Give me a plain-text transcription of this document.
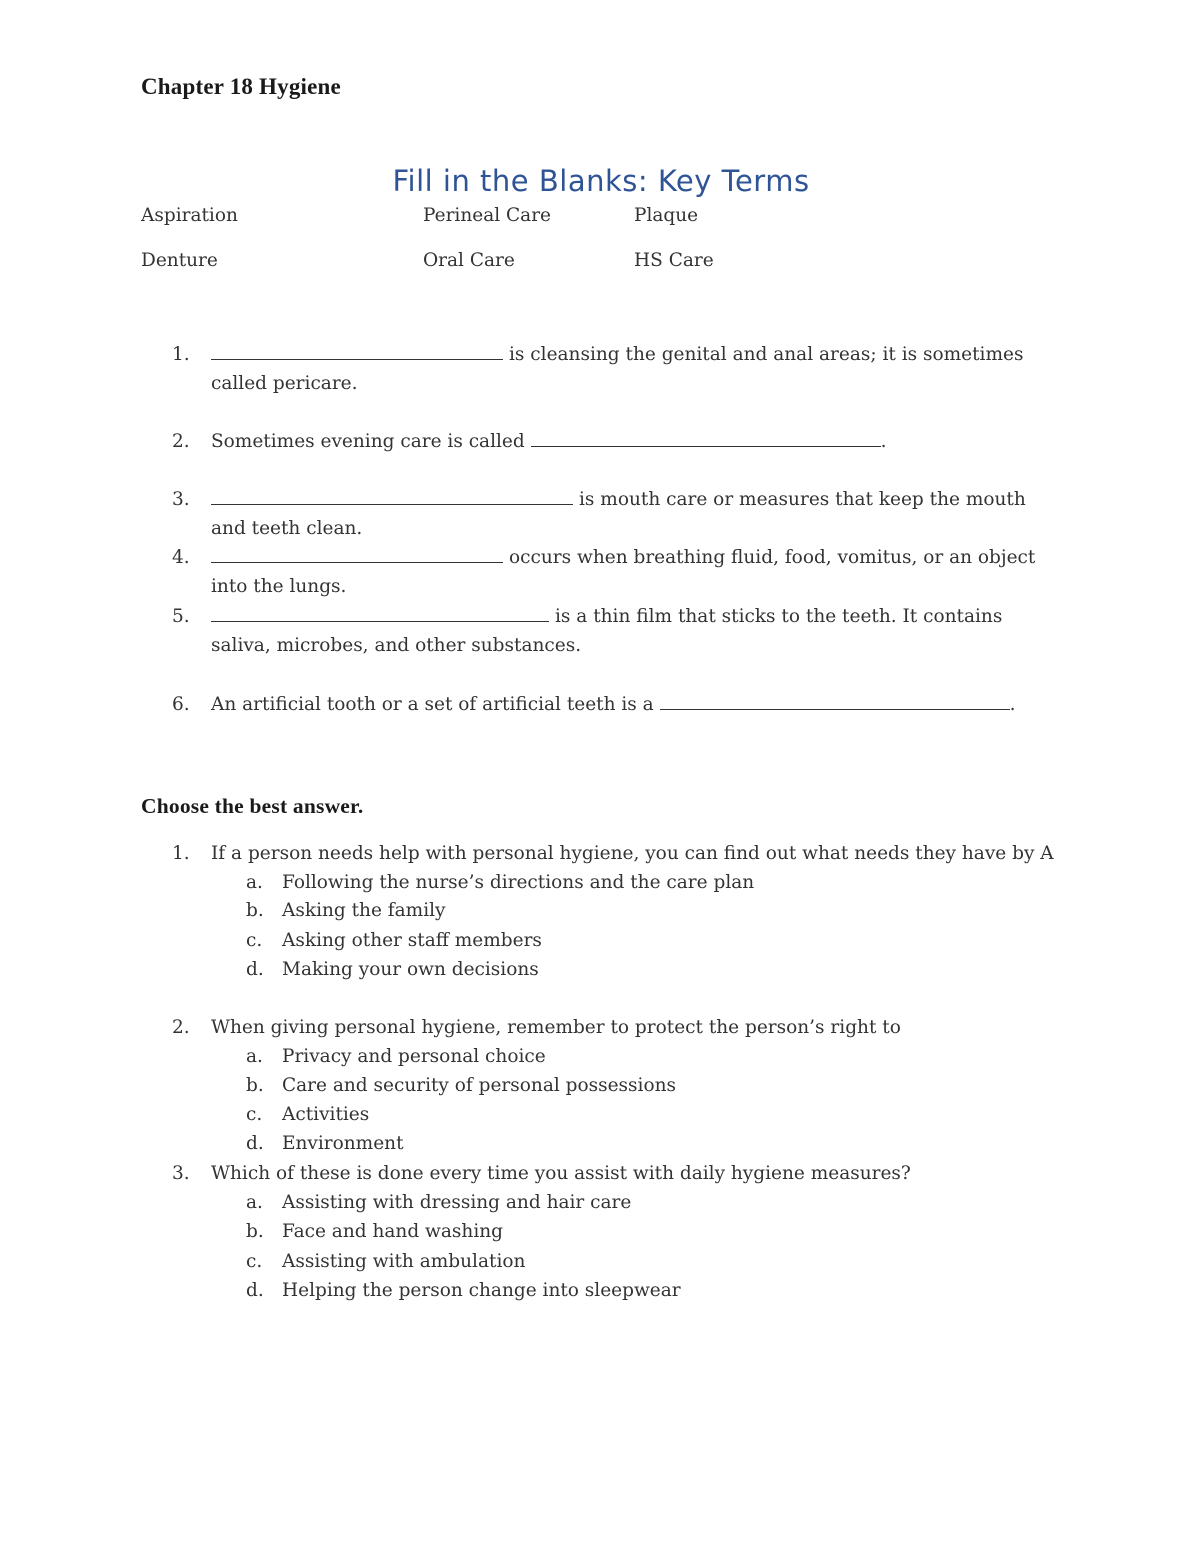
Chapter 18 Hygiene
Fill in the Blanks: Key Terms
Aspiration	Perineal Care	Plaque
Denture	Oral Care	HS Care
1.	is cleansing the genital and anal areas; it is sometimes
called pericare.
2. Sometimes evening care is called	.
3.	is mouth care or measures that keep the mouth
and teeth clean.
4.	occurs when breathing fluid, food, vomitus, or an object
into the lungs.
5.	is a thin film that sticks to the teeth. It contains
saliva, microbes, and other substances.
6. An artificial tooth or a set of artificial teeth is a	.
Choose the best answer.
1. If a person needs help with personal hygiene, you can find out what needs they have by A
a. Following the nurse’s directions and the care plan
b. Asking the family
c.	Asking other staff members
d. Making your own decisions
2. When giving personal hygiene, remember to protect the person’s right to
a. Privacy and personal choice
b. Care and security of personal possessions
c.	Activities
d. Environment
3. Which of these is done every time you assist with daily hygiene measures?
a. Assisting with dressing and hair care
b. Face and hand washing
c.	Assisting with ambulation
d. Helping the person change into sleepwear
